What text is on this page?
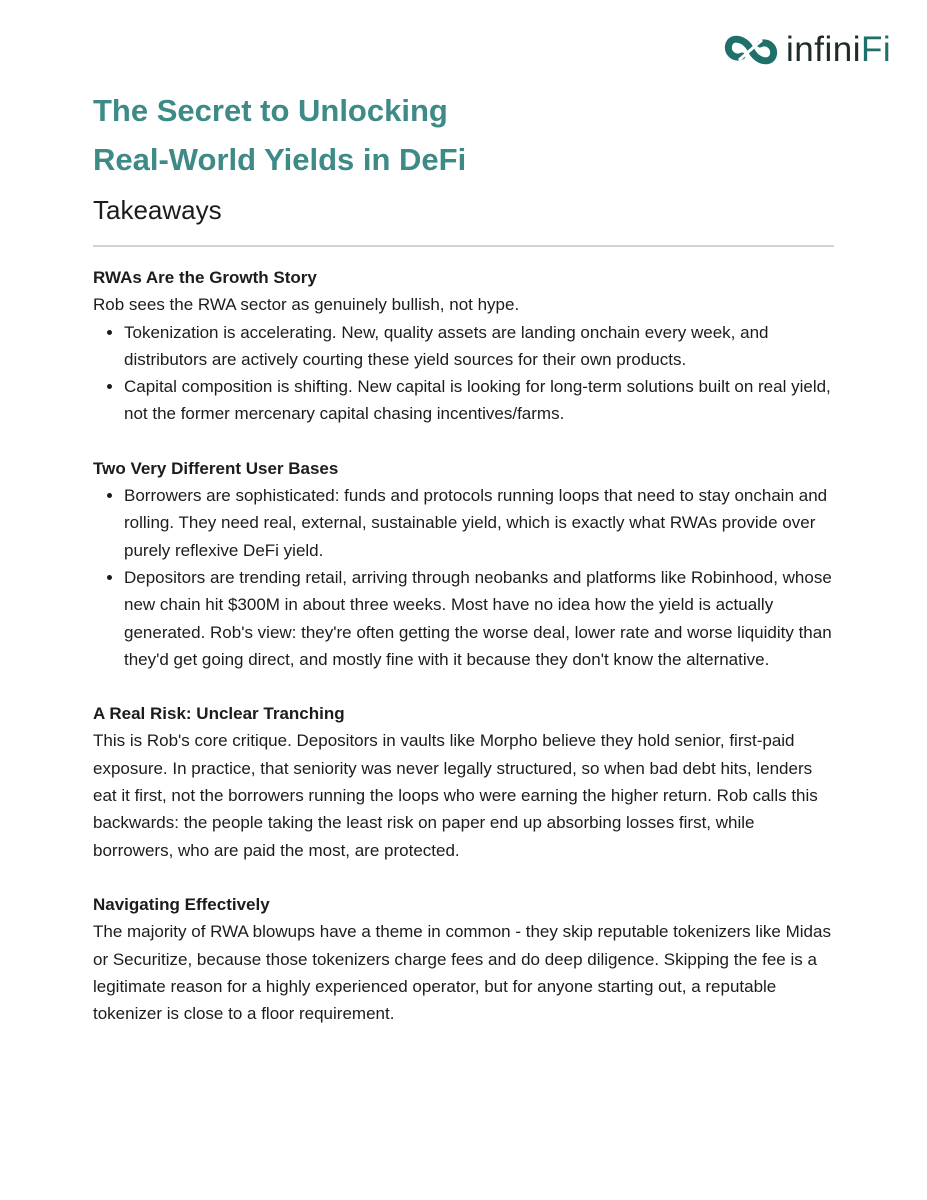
infiniFi
The Secret to Unlocking
Real-World Yields in DeFi
Takeaways
RWAs Are the Growth Story

Rob sees the RWA sector as genuinely bullish, not hype.

• Tokenization is accelerating. New, quality assets are landing onchain every week, and distributors are actively courting these yield sources for their own products.
• Capital composition is shifting. New capital is looking for long-term solutions built on real yield, not the former mercenary capital chasing incentives/farms.
Two Very Different User Bases
• Borrowers are sophisticated: funds and protocols running loops that need to stay onchain and rolling. They need real, external, sustainable yield, which is exactly what RWAs provide over purely reflexive DeFi yield.
• Depositors are trending retail, arriving through neobanks and platforms like Robinhood, whose new chain hit $300M in about three weeks. Most have no idea how the yield is actually generated. Rob's view: they're often getting the worse deal, lower rate and worse liquidity than they'd get going direct, and mostly fine with it because they don't know the alternative.
A Real Risk: Unclear Tranching

This is Rob's core critique. Depositors in vaults like Morpho believe they hold senior, first-paid exposure. In practice, that seniority was never legally structured, so when bad debt hits, lenders eat it first, not the borrowers running the loops who were earning the higher return. Rob calls this backwards: the people taking the least risk on paper end up absorbing losses first, while borrowers, who are paid the most, are protected.

Navigating Effectively

The majority of RWA blowups have a theme in common - they skip reputable tokenizers like Midas or Securitize, because those tokenizers charge fees and do deep diligence. Skipping the fee is a legitimate reason for a highly experienced operator, but for anyone starting out, a reputable tokenizer is close to a floor requirement.
